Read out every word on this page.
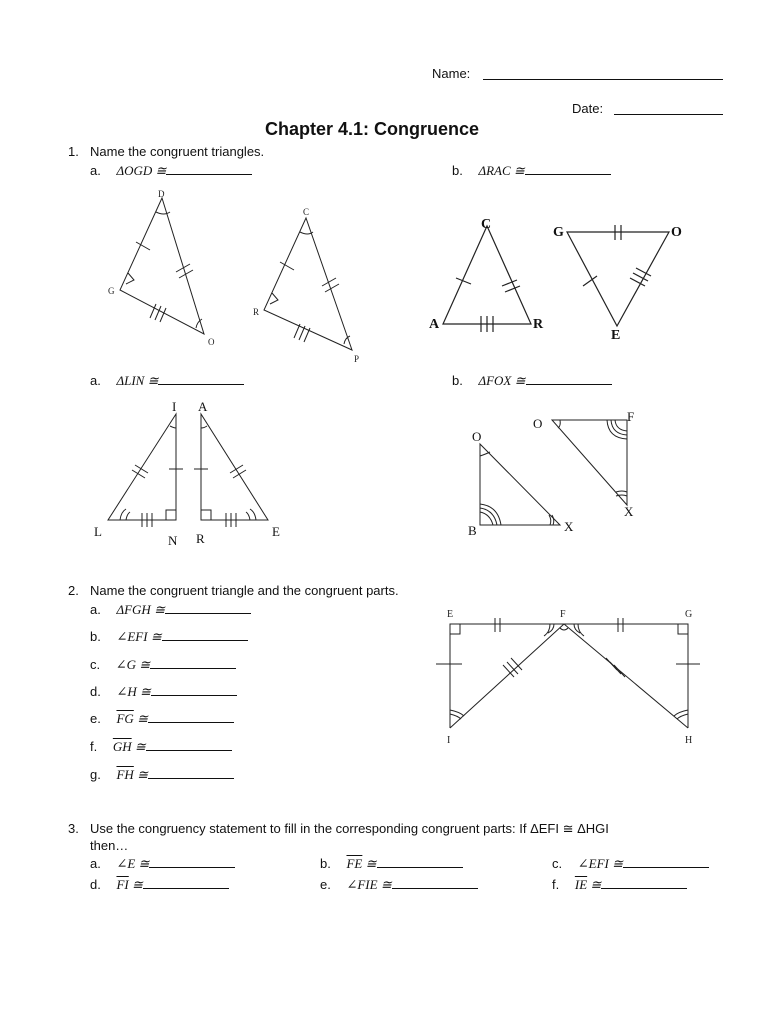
Name:
Date:
Chapter 4.1: Congruence
1. Name the congruent triangles.
a. ΔOGD ≅	b. ΔRAC ≅
D
G
O
C
R
P
C
A	R
G	O
E
a. ΔLIN ≅	b. ΔFOX ≅
I A
L
N R	E
O
B	X
O	F
X
2. Name the congruent triangle and the congruent parts.
a. ΔFGH ≅
b. ∠EFI ≅
c. ∠G ≅
d. ∠H ≅
e. $\overline{FG}$ ≅
f. $\overline{GH}$ ≅
g. $\overline{FH}$ ≅
E	F	G
I	H
3. Use the congruency statement to fill in the corresponding congruent parts: If ΔEFI ≅ ΔHGI
then…
a. ∠E ≅	b. $\overline{FE}$ ≅	c. ∠EFI ≅
d. $\overline{FI}$ ≅	e. ∠FIE ≅	f. $\overline{IE}$ ≅
